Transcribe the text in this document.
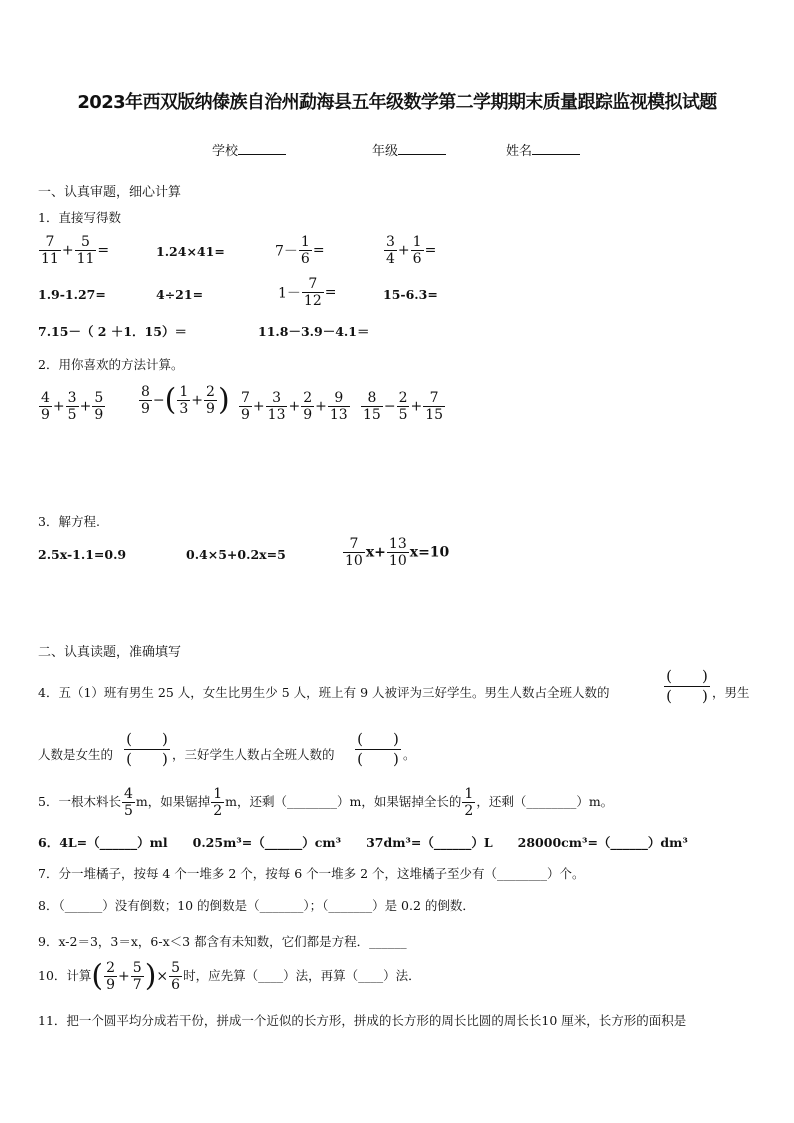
2023年西双版纳傣族自治州勐海县五年级数学第二学期期末质量跟踪监视模拟试题
学校	年级	姓名
一、认真审题，细心计算
1．直接写得数
$\frac{7}{11} + \frac{5}{11}$ =	1.24×41=	$7- \frac{1}{6}$ =	$\frac{3}{4} + \frac{1}{6}$ =
1.9-1.27=	4÷21=	$1- \frac{7}{12}$ =	15-6.3=
7.15－（ 2 ＋1．15）＝	11.8－3.9－4.1＝
2．用你喜欢的方法计算。
$\frac{4}{9} + \frac{3}{5} + \frac{5}{9} \frac{8}{9}$ −( $\frac{1}{3} + \frac{2}{9}$ ) $\frac{7}{9} + \frac{3}{13} + \frac{2}{9} + \frac{9}{13} \frac{8}{15} - \frac{2}{5} + \frac{7}{15}$
3．解方程.
2.5x-1.1=0.9	0.4×5+0.2x=5	$\frac{7}{10} x+ \frac{13}{10} x=10$
二、认真读题，准确填写
4．五（1）班有男生 25 人，女生比男生少 5 人，班上有 9 人被评为三好学生。男生人数占全班人数的
(　　)
(　　) ，男生
人数是女生的
(　　)
(　　) ，三好学生人数占全班人数的
(　　)
(　　) 。
5．一根木料长 $\frac{4}{5}$ m，如果锯掉 $\frac{1}{2}$ m，还剩（________）m，如果锯掉全长的 $\frac{1}{2}$ ，还剩（________）m。
6．4L=（______）ml　　0.25m³=（______）cm³　　37dm³=（______）L　　28000cm³=（______）dm³
7．分一堆橘子，按每 4 个一堆多 2 个，按每 6 个一堆多 2 个，这堆橘子至少有（________）个。
8．（______）没有倒数；10 的倒数是（_______）；（_______）是 0.2 的倒数．
9．x-2＝3，3＝x，6-x＜3 都含有未知数，它们都是方程．______
10．计算( $\frac{2}{9} + \frac{5}{7}$ )× $\frac{5}{6}$ 时，应先算（____）法，再算（____）法．
11．把一个圆平均分成若干份，拼成一个近似的长方形，拼成的长方形的周长比圆的周长长10 厘米，长方形的面积是
